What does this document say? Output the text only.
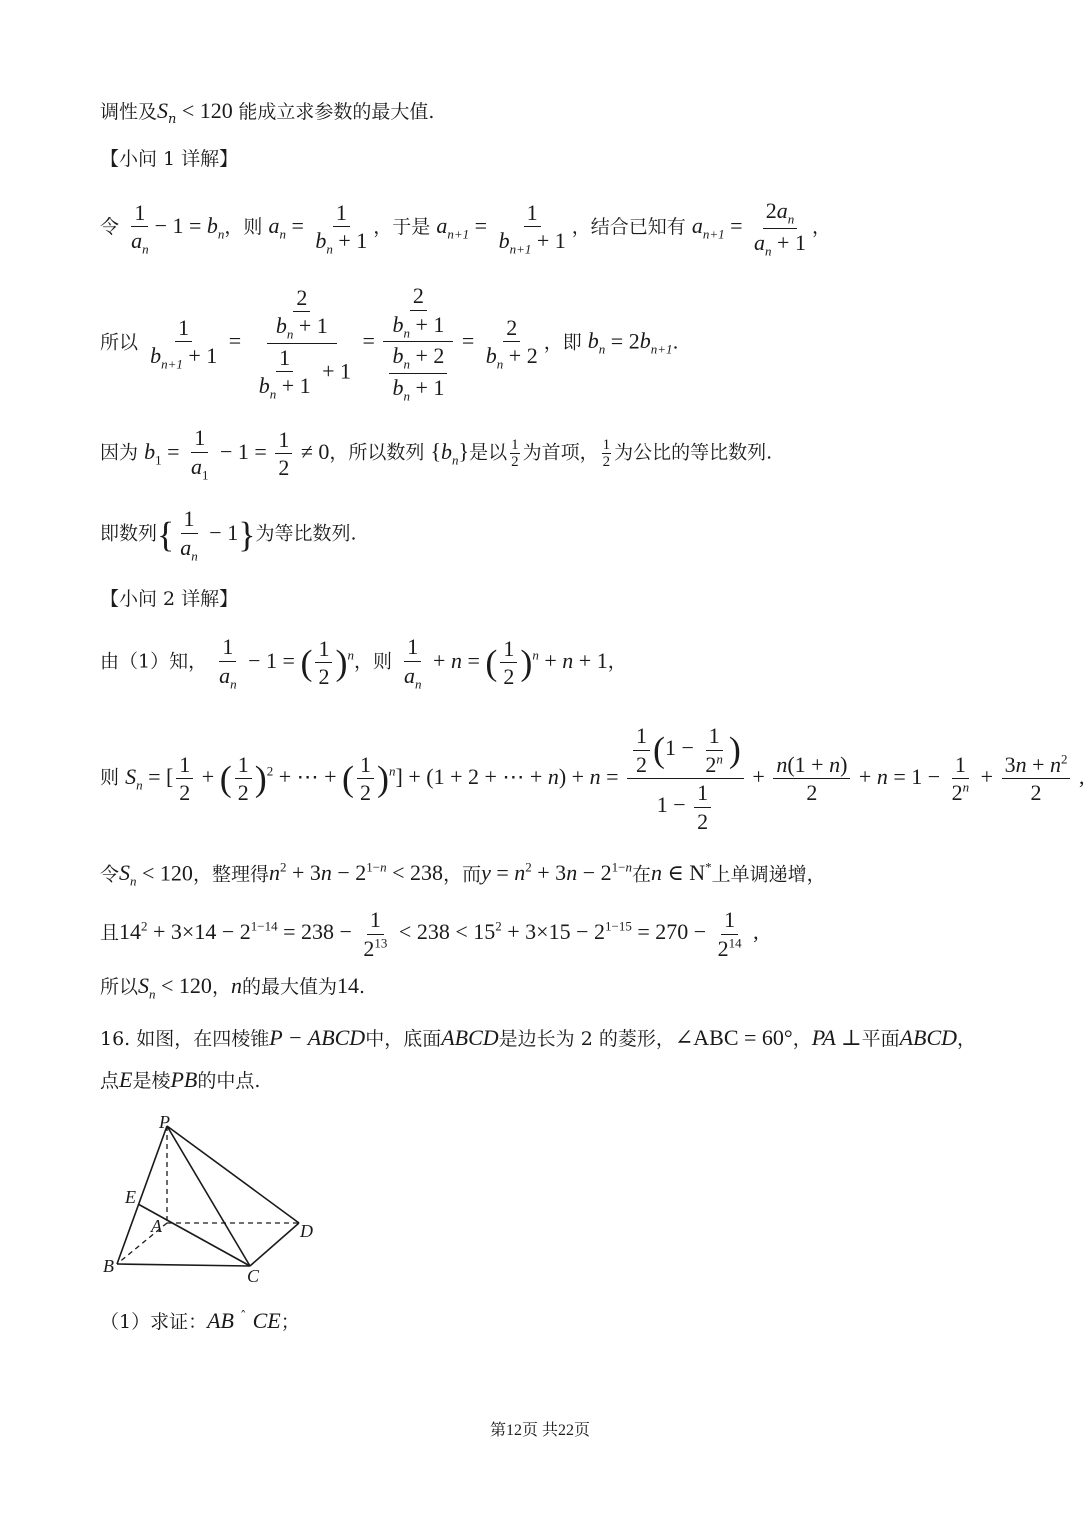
调性及$S_n < 120$ 能成立求参数的最大值.
【小问 1 详解】
令 $\frac{1}{a_n} - 1 = b_n$，则 $a_n = \frac{1}{b_n + 1}$ ，于是 $a_{n+1} = \frac{1}{b_{n+1} + 1}$ ，结合已知有 $a_{n+1} = \frac{2a_n}{a_n + 1}$ ，
所以 $\frac{1}{b_{n+1} + 1} = \frac{\frac{2}{b_n + 1}}{\frac{1}{b_n + 1} + 1} = \frac{\frac{2}{b_n + 1}}{\frac{b_n + 2}{b_n + 1}} = \frac{2}{b_n + 2}$ ，即 $b_n = 2b_{n+1}$.
因为 $b_1 = \frac{1}{a_1} - 1 = \frac{1}{2} \ne 0$，所以数列 $\{b_n\}$是以 $\frac{1}{2}$ 为首项， $\frac{1}{2}$ 为公比的等比数列.
即数列{ $\frac{1}{a_n} - 1$}为等比数列.
【小问 2 详解】
由（1）知， $\frac{1}{a_n} - 1$ = ( $\frac{1}{2} )^n$，则 $\frac{1}{a_n} + n$ = ( $\frac{1}{2} )^n + n + 1$，
则 $S_n$ = [ $\frac{1}{2}$ + ( $\frac{1}{2} )^2$ + ⋯ + ( $\frac{1}{2} )^n] + (1 + 2$ + ⋯ + $n) + n = \frac{\frac{1}{2} (1 - \frac{1}{2^n} )}{1 - \frac{1}{2}} + \frac{n(1 + n)}{2} + n = 1 - \frac{1}{2^n} + \frac{3n + n^2}{2}$ ,
令$S_n < 120$，整理得$n^2 + 3n - 2^{1-n} < 238$，而$y = n^2 + 3n - 2^{1-n}$在n ∈ N*上单调递增，
且$14^2 + 3\times 14 - 2^{1-14} = 238 - \frac{1}{2^{13}} < 238 < 15^2 + 3\times 15 - 2^{1-15} = 270 - \frac{1}{2^{14}}$ ,
所以$S_n < 120$，n的最大值为14.
16. 如图，在四棱锥P − ABCD中，底面ABCD是边长为 2 的菱形，∠ABC = 60°，PA ⊥平面ABCD，
点E是棱PB的中点.
P
E
A	D
B	C
（1）求证：AB $^ˆ$ CE；
第12页 共22页
